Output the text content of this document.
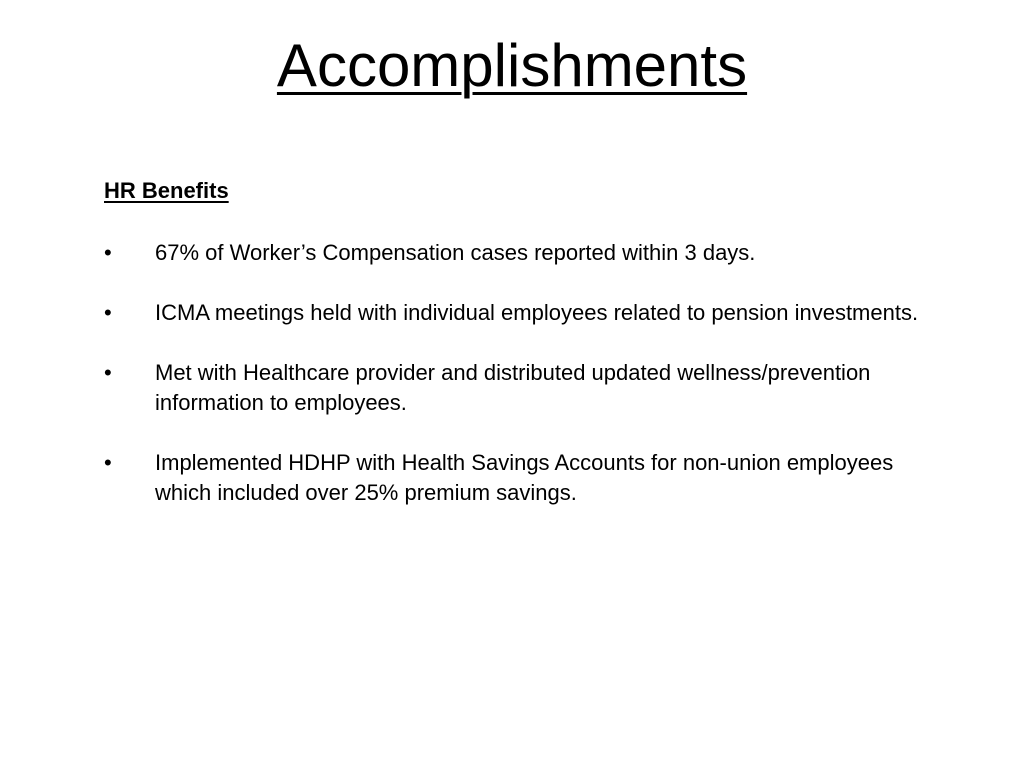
Accomplishments
HR Benefits
• 67% of Worker’s Compensation cases reported within 3 days.
• ICMA meetings held with individual employees related to pension investments.
• Met with Healthcare provider and distributed updated wellness/prevention information to employees.
• Implemented HDHP with Health Savings Accounts for non-union employees which included over 25% premium savings.
